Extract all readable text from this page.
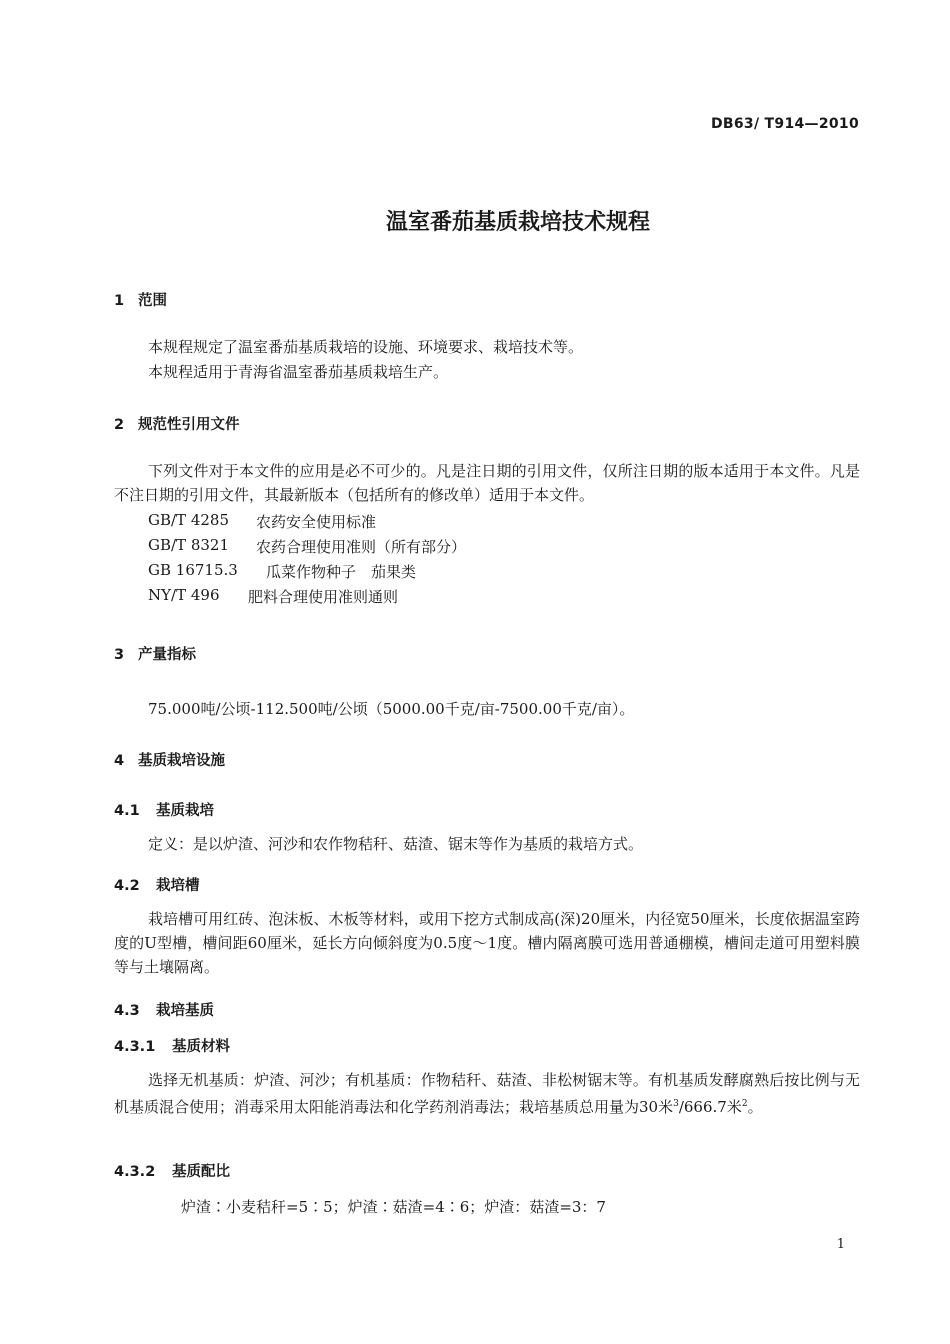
DB63/ T914—2010
温室番茄基质栽培技术规程
1 范围
本规程规定了温室番茄基质栽培的设施、环境要求、栽培技术等。
本规程适用于青海省温室番茄基质栽培生产。
2 规范性引用文件

下列文件对于本文件的应用是必不可少的。凡是注日期的引用文件，仅所注日期的版本适用于本文件。凡是不注日期的引用文件，其最新版本（包括所有的修改单）适用于本文件。

GB/T 4285 农药安全使用标准
GB/T 8321 农药合理使用准则（所有部分）
GB 16715.3 瓜菜作物种子　茄果类
NY/T 496 肥料合理使用准则通则
3 产量指标
75.000吨/公顷-112.500吨/公顷（5000.00千克/亩-7500.00千克/亩）。
4 基质栽培设施
4.1 基质栽培
定义：是以炉渣、河沙和农作物秸秆、菇渣、锯末等作为基质的栽培方式。
4.2 栽培槽

栽培槽可用红砖、泡沫板、木板等材料，或用下挖方式制成高(深)20厘米，内径宽50厘米，长度依据温室跨度的U型槽，槽间距60厘米，延长方向倾斜度为0.5度～1度。槽内隔离膜可选用普通棚模，槽间走道可用塑料膜等与土壤隔离。

4.3 栽培基质
4.3.1 基质材料

选择无机基质：炉渣、河沙；有机基质：作物秸秆、菇渣、非松树锯末等。有机基质发酵腐熟后按比例与无机基质混合使用；消毒采用太阳能消毒法和化学药剂消毒法；栽培基质总用量为30米$^3$/666.7米$^2$。

4.3.2 基质配比
炉渣∶小麦秸秆=5∶5；炉渣∶菇渣=4∶6；炉渣：菇渣=3：7
1
